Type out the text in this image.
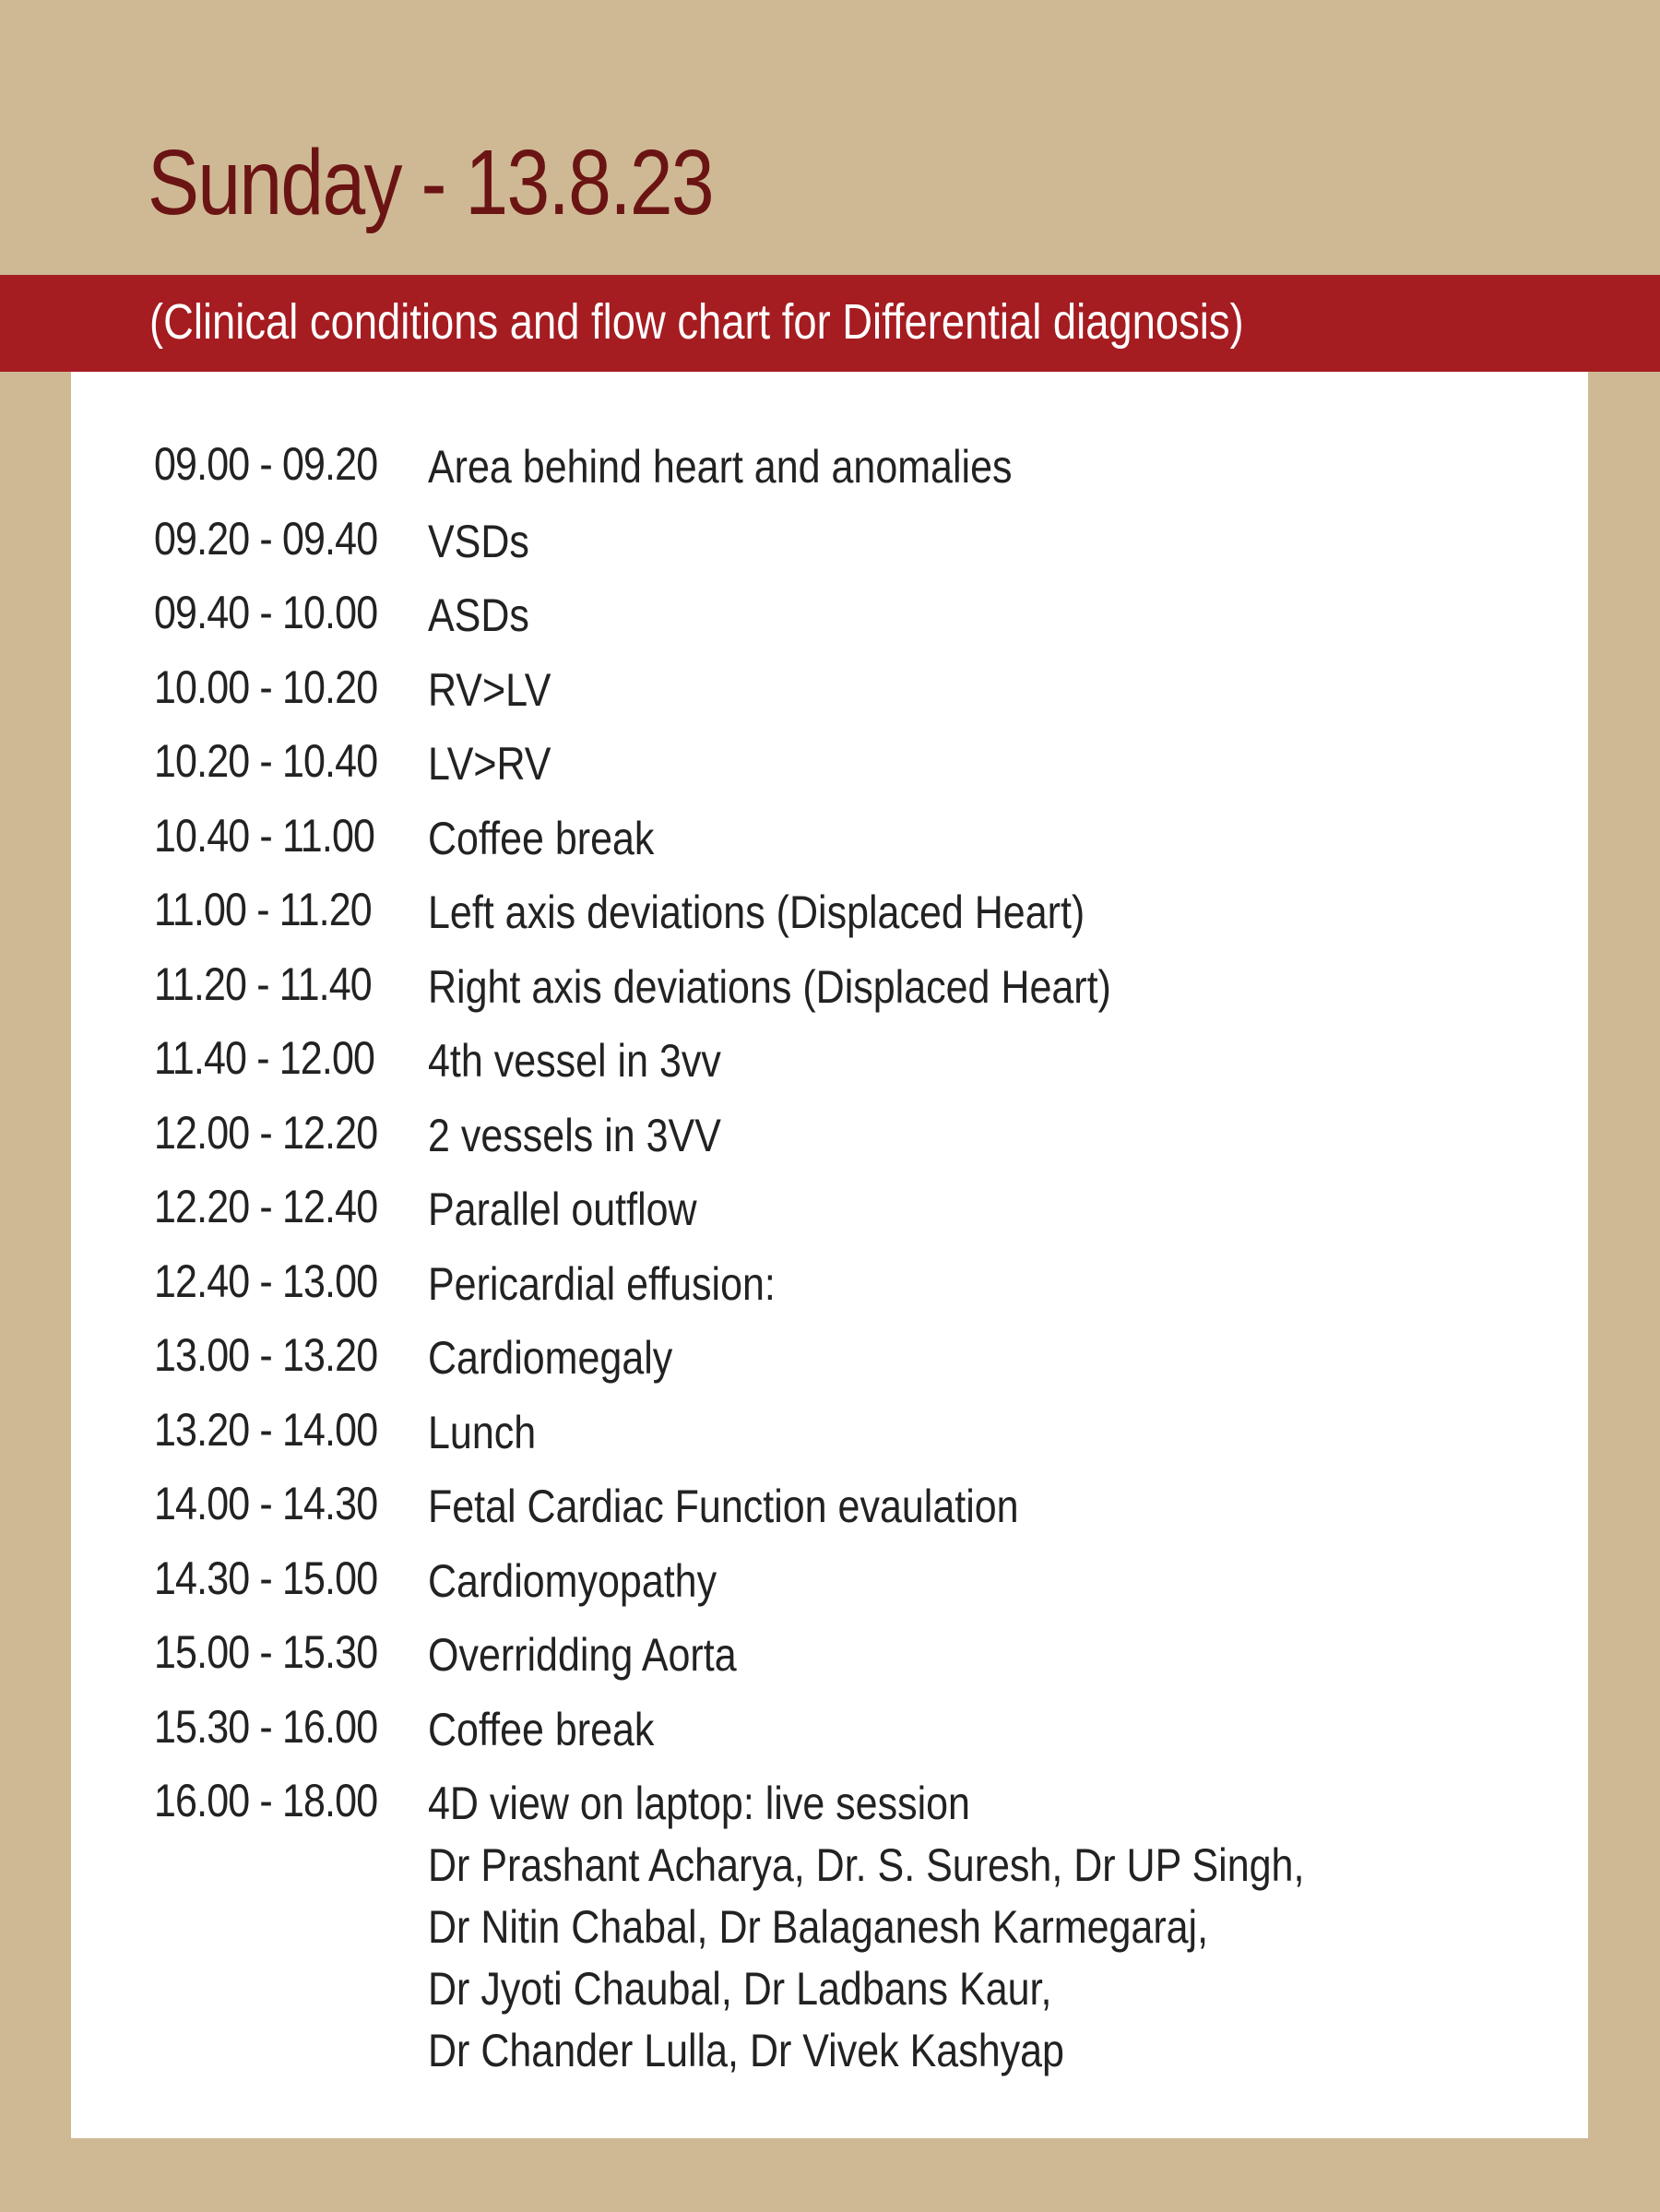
Sunday - 13.8.23
(Clinical conditions and flow chart for Differential diagnosis)
09.00 - 09.20	Area behind heart and anomalies
09.20 - 09.40	VSDs
09.40 - 10.00	ASDs
10.00 - 10.20	RV>LV
10.20 - 10.40	LV>RV
10.40 - 11.00	Coffee break
11.00 - 11.20	Left axis deviations (Displaced Heart)
11.20 - 11.40	Right axis deviations (Displaced Heart)
11.40 - 12.00	4th vessel in 3vv
12.00 - 12.20	2 vessels in 3VV
12.20 - 12.40	Parallel outflow
12.40 - 13.00	Pericardial effusion:
13.00 - 13.20	Cardiomegaly
13.20 - 14.00	Lunch
14.00 - 14.30	Fetal Cardiac Function evaulation
14.30 - 15.00	Cardiomyopathy
15.00 - 15.30	Overridding Aorta
15.30 - 16.00	Coffee break
16.00 - 18.00	4D view on laptop: live session
Dr Prashant Acharya, Dr. S. Suresh, Dr UP Singh,
Dr Nitin Chabal, Dr Balaganesh Karmegaraj,
Dr Jyoti Chaubal, Dr Ladbans Kaur,
Dr Chander Lulla, Dr Vivek Kashyap
